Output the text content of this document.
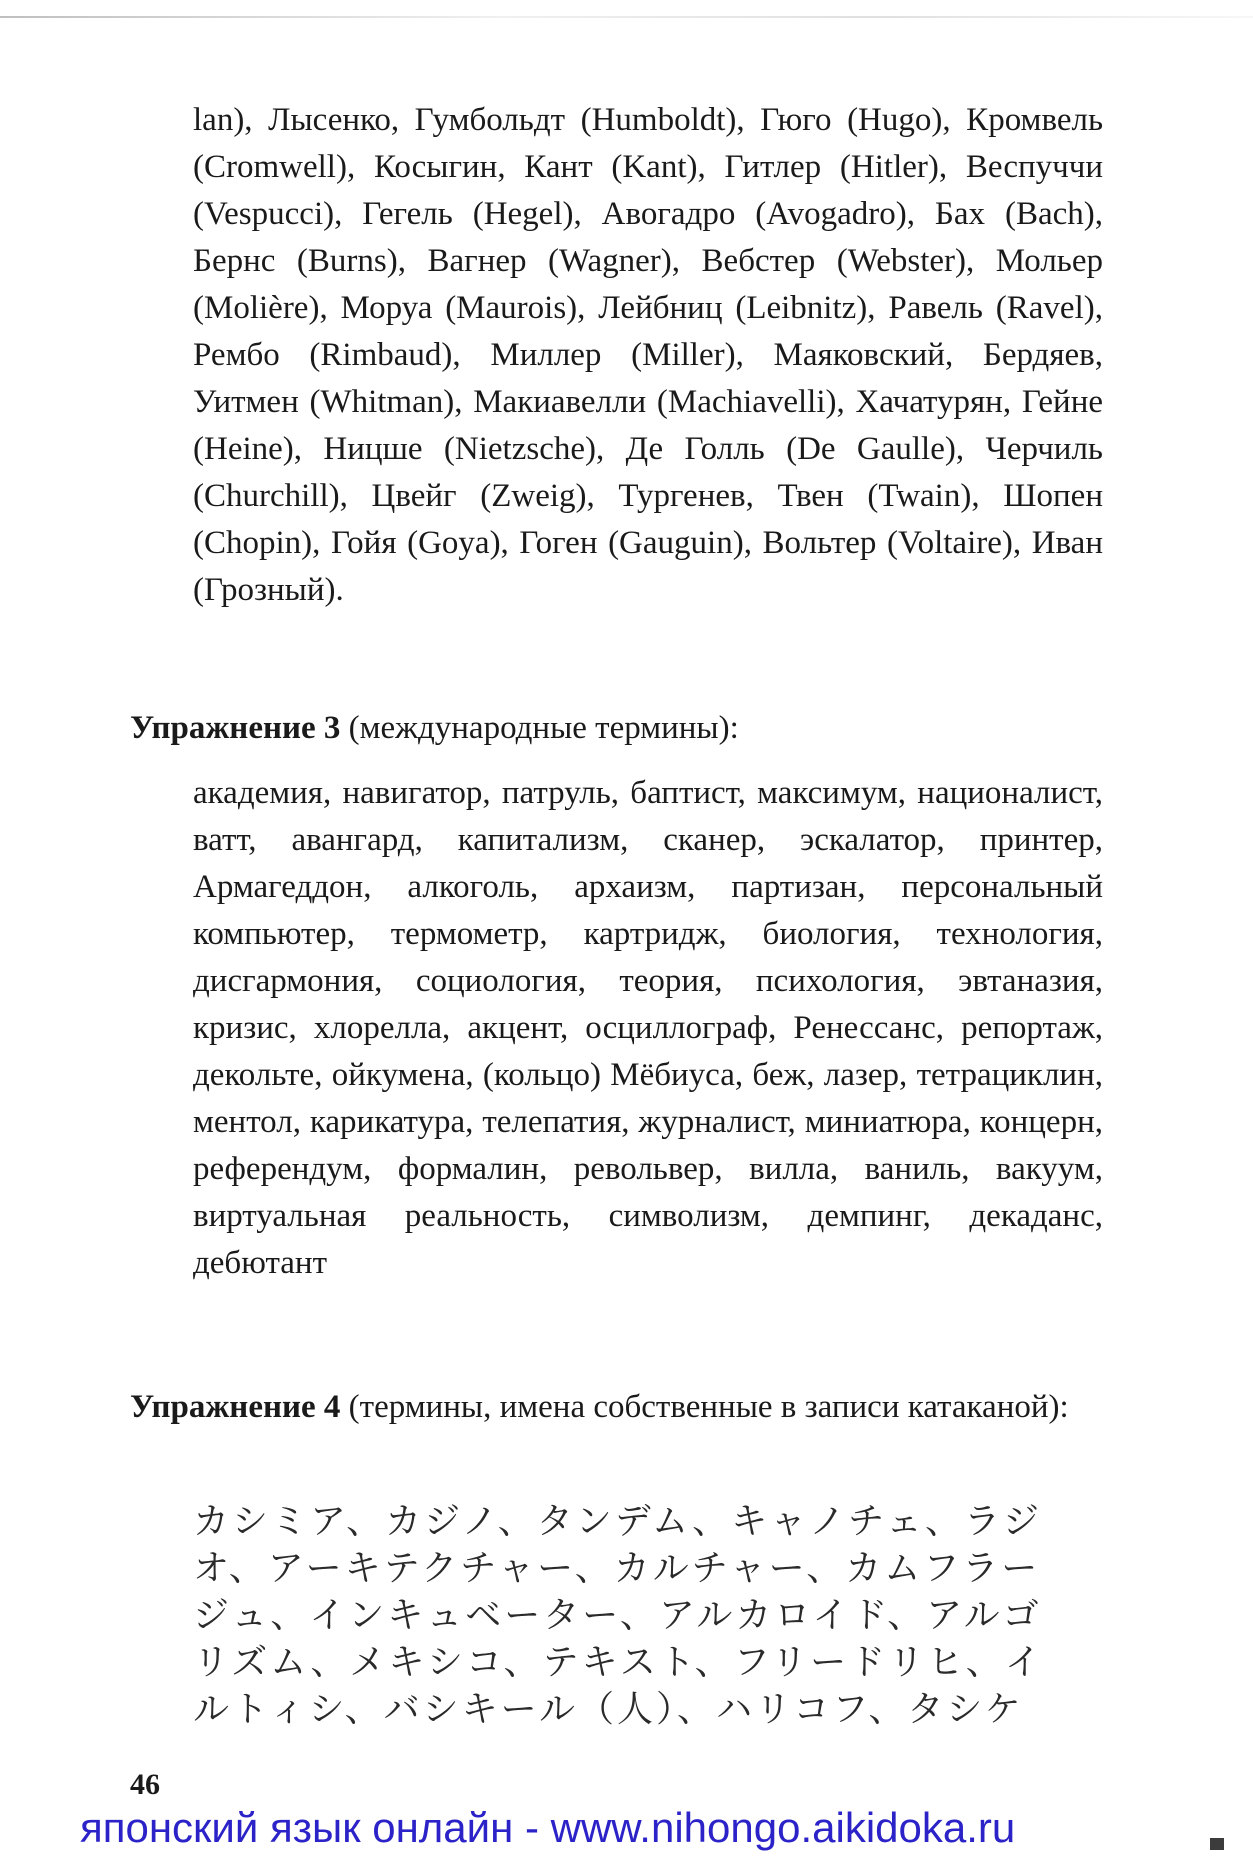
lan), Лысенко, Гумбольдт (Humboldt), Гюго (Hugo), Кромвель (Cromwell), Косыгин, Кант (Kant), Гитлер (Hitler), Веспуччи (Vespucci), Гегель (Hegel), Авогадро (Avogadro), Бах (Bach), Бернс (Burns), Вагнер (Wagner), Вебстер (Webster), Мольер (Molière), Моруа (Maurois), Лейбниц (Leibnitz), Равель (Ravel), Рембо (Rimbaud), Миллер (Miller), Маяковский, Бердяев, Уитмен (Whitman), Макиавелли (Machiavelli), Хачатурян, Гейне (Heine), Ницше (Nietzsche), Де Голль (De Gaulle), Черчиль (Churchill), Цвейг (Zweig), Тургенев, Твен (Twain), Шопен (Chopin), Гойя (Goya), Гоген (Gauguin), Вольтер (Voltaire), Иван (Грозный).

Упражнение 3 (международные термины):

академия, навигатор, патруль, баптист, максимум, националист, ватт, авангард, капитализм, сканер, эскалатор, принтер, Армагеддон, алкоголь, архаизм, партизан, персональный компьютер, термометр, картридж, биология, технология, дисгармония, социология, теория, психология, эвтаназия, кризис, хлорелла, акцент, осциллограф, Ренессанс, репортаж, декольте, ойкумена, (кольцо) Мёбиуса, беж, лазер, тетрациклин, ментол, карикатура, телепатия, журналист, миниатюра, концерн, референдум, формалин, револьвер, вилла, ваниль, вакуум, виртуальная реальность, символизм, демпинг, декаданс, дебютант

Упражнение 4 (термины, имена собственные в записи катаканой):

カシミア、カジノ、タンデム、キャノチェ、ラジ
オ、アーキテクチャー、カルチャー、カムフラー
ジュ、インキュベーター、アルカロイド、アルゴ
リズム、メキシコ、テキスト、フリードリヒ、イ
ルトィシ、バシキール（人）、ハリコフ、タシケ
46
японский язык онлайн - www.nihongo.aikidoka.ru
